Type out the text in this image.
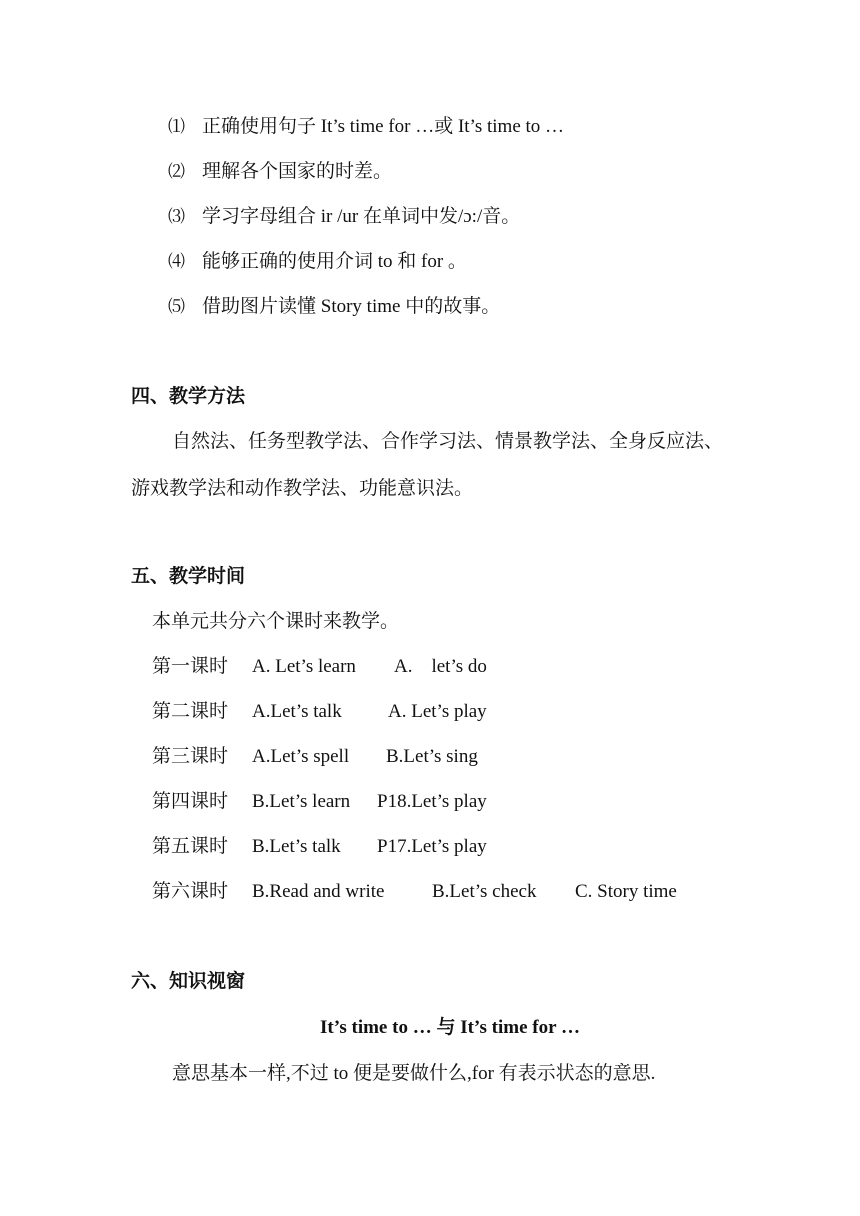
⑴ 正确使用句子 It’s time for …或 It’s time to …
⑵ 理解各个国家的时差。
⑶ 学习字母组合 ir /ur 在单词中发/ɔ:/音。
⑷ 能够正确的使用介词 to 和 for 。
⑸ 借助图片读懂 Story time 中的故事。
四、教学方法
自然法、任务型教学法、合作学习法、情景教学法、全身反应法、
游戏教学法和动作教学法、功能意识法。
五、教学时间
本单元共分六个课时来教学。
第一课时 A. Let’s learn A.    let’s do
第二课时 A.Let’s talk A. Let’s play
第三课时 A.Let’s spell B.Let’s sing
第四课时 B.Let’s learn P18.Let’s play
第五课时 B.Let’s talk P17.Let’s play
第六课时 B.Read and write	B.Let’s check C. Story time
六、知识视窗
It’s time to … 与 It’s time for …
意思基本一样,不过 to 便是要做什么,for 有表示状态的意思.
